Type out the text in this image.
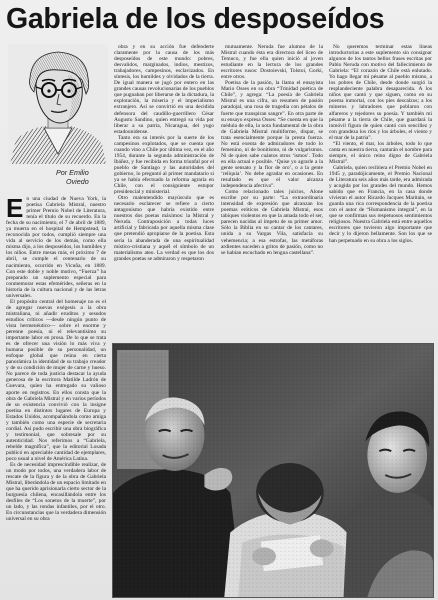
Gabriela de los desposeídos
Por Emilio
Oviedo

En una ciudad de Nueva York, la poetisa Gabriela Mistral, nuestro primer Premio Nobel de Literatura, tenía el título de su recuerdo. En la fecha de su nacimiento, el 7 de abril de 1889, ya muerta en el hospital de Hempstead, la reconocida por todos, cumplió siempre una vida al servicio de los demás, como ella misma dijo, a los desposeídos, los humildes y los niños. Entre mesas más, el próximo 7 de abril, se cumple el centenario de su nacimiento, ocurrido en Vicuña, en 1889. Con este doble y noble motivo, “Fuerza” ha preparado un suplemento especial para conmemorar estas efemérides, señeras en la historia de la cultura nacional y de las letras universales.

El propósito central del homenaje no es el de agregar nuevas exégesis a la obra mistraliana, ni añadir eruditos y sesudos estudios críticos —desde ningún punto de vista hermenéutico— sobre el enorme y perenne poesía, ni el relevantísimo su importante labor en prosa. De lo que se trata es de ofrecer una visión lo más viva y humana posible de su personalidad, un enfoque global que reúna en cierta panorámica la identidad de su trabajo creador y de su condición de mujer de carne y hueso. No parece de toda justicia destacar la ayuda generosa de la escritora Matilde Ladrón de Guevara, quien ha entregado su valioso aporte en registros. En ellos consta que la obra de Gabriela Mistral y en varios períodos de su existencia convivió con la insigne poetisa en distintos lugares de Europa y Estados Unidos, acompañándola como amiga y también como una especie de secretaria cordial. Así pudo escribir una obra biográfica y testimonial, que sobresale por su autenticidad. Nos referimos a “Gabriela, rebelde magnífica”, que la editorial Losada publicó en apreciable cantidad de ejemplares, poco usual a nivel de América Latina.

Es de necesidad imprescindible realizar, de un modo por todos, una verdadera labor de rescate de la figura y de la obra de Gabriela Mistral, liberándola de un espacio limitado en que ha querido aprisionarla cierto sector de la burguesía chilena, encasillándola entre los desfiles de “Los sonetos de la muerte”, por un lado, y las rondas infantiles, por el otro. En circunstancias que la verdadera dimensión universal en su obra

obra y en su acción fue defenderte claramente por la causa de los más desposeídos de este mundo: pobres, desvalidos, marginados, indios, mestizos, trabajadores, campesinos, esclavizados. En síntesis, los humildes y olvidados de la tierra. De igual manera se jugó por entero en las grandes causas revolucionarias de los pueblos que pugnaban por liberarse de la dictadura, la explotación, la miseria y el imperialismo extranjero. Así se convirtió en una decidida defensora del caudillo-guerrillero César Augusto Sandino, quien entregó su vida por liberar a su patria, Nicaragua, del yugo estadounidense.

Tanto era su interés por la suerte de los campesinos explotados, que se cuenta que cuando vino a Chile por última vez, en el año 1954, durante la segunda administración de Ibáñez, y fue recibida en forma triunfal por el pueblo de Santiago y las autoridades del gobierno, lo preguntó al primer mandatario si ya se había efectuado la reforma agraria en Chile, con el consiguiente estupor presidencial y ministerial.

Otro malentendido mayúsculo que es necesario esclarecer se refiere a cierto antagonismo que habría existido entre nuestros dos poetas máximos: la Mistral y Neruda. Contraposición a todas luces artificial y fabricada por aquella misma clase que pretendió apropiarse de la poetisa. Esta sería la abanderada de una espiritualidad místico-cristiana y aquél el símbolo de un materialismo ateo. La verdad es que los dos grandes poetas se admiraron y respetaron

mutuamente. Neruda fue alumno de la Mistral cuando ésta era directora del liceo de Temuco, y fue ella quien inició al joven estudiante en la lectura de los grandes escritores rusos: Dostoievski, Tolstoi, Gorki, entre otros.

Poetisa de la pasión, la llama el ensayista Mario Osses en su obra “Trinidad poética de Chile”, y agrega: “La poesía de Gabriela Mistral es una cifra, un resumen de pasión paradojal, una rosa de tragedia con pétalos de fuerte que transpiran sangre”. En otra parte de su ensayo expresa Osses: “Se cuenta en que la médula de ella, la nota fundamental de la obra de Gabriela Mistral multiforme, dispar, se trata esencialmente porque la presta fuerza. No está exenta de admiradores de todo lo femenino, ni de bonitismo, ni de vulgarismos. Ni de quien sabe cuántos otros ‘ismos’. Todo en ella actual e posible. ‘Quise yo agrarle a la gente sensato y la flor de oro’, o a la gente ‘reliquia’. No debe agradar en ocasiones. En resultado es que el valor alcanza independencia afectiva”.

Como relacionado tales juicios, Alone escribe por su parte: “La extraordinaria intensidad de expresión que alcanzan los poemas eróticos de Gabriela Mistral, esos tabiques violentos en que la amada todo el ser, parecen nacidas al ímpetu de su primer amor. Sólo la Biblia en su cantar de los cantares, unida a su Vargas Vila, satisfacía su vehemencia; a esa estrofas, las metáforas ardientes suceden a gritos de pasión, como no se habían escuchado en lengua castellana”.

No queremos terminar estas líneas introductorias a este suplemento sin consignar algunos de los tantos bellos frases escritas por Pablo Neruda con motivo del fallecimiento de Gabriela: “El corazón de Chile está enlutado. Yo hago llegar mi pésame al pueblo mismo, a los pobres de Chile, desde donde surgió la resplandeciente palabra desaparecida. A los niños que cantó y que siguen, como en su poema inmortal, con los pies descalzos; a los mineros y labradores que poblaron con alfareros y tejedores su poesía. Y también mi pésame a la tierra de Chile, que guardará la inmóvil figura de quien cantó con sencillez y con grandeza los ríos y los árboles, el viento y el mar de la patria”.

“El viento, el mar, los árboles, todo lo que canta en nuestra tierra, cantarán el nombre para siempre, el único reino digno de Gabriela Mistral”.

Gabriela, quien recibiera el Premio Nobel en 1945 y, paradójicamente, el Premio Nacional de Literatura seis años más tarde, era admirada y acogida por los grandes del mundo. Hemos sabido que en Francia, en la casa donde vivieran el autor Ricardo Jacques Maritain, se guarda una rica correspondencia de la poetisa con el autor de “Humanismo integral”, en la que se confirman sus respetuosos sentimientos religiosos. Nuestra Gabriela está entre aquellos escritores que tuvieron algo importante que decir y lo dijeron bellamente. Son los que se han perpetuado en su obra a los siglos.
